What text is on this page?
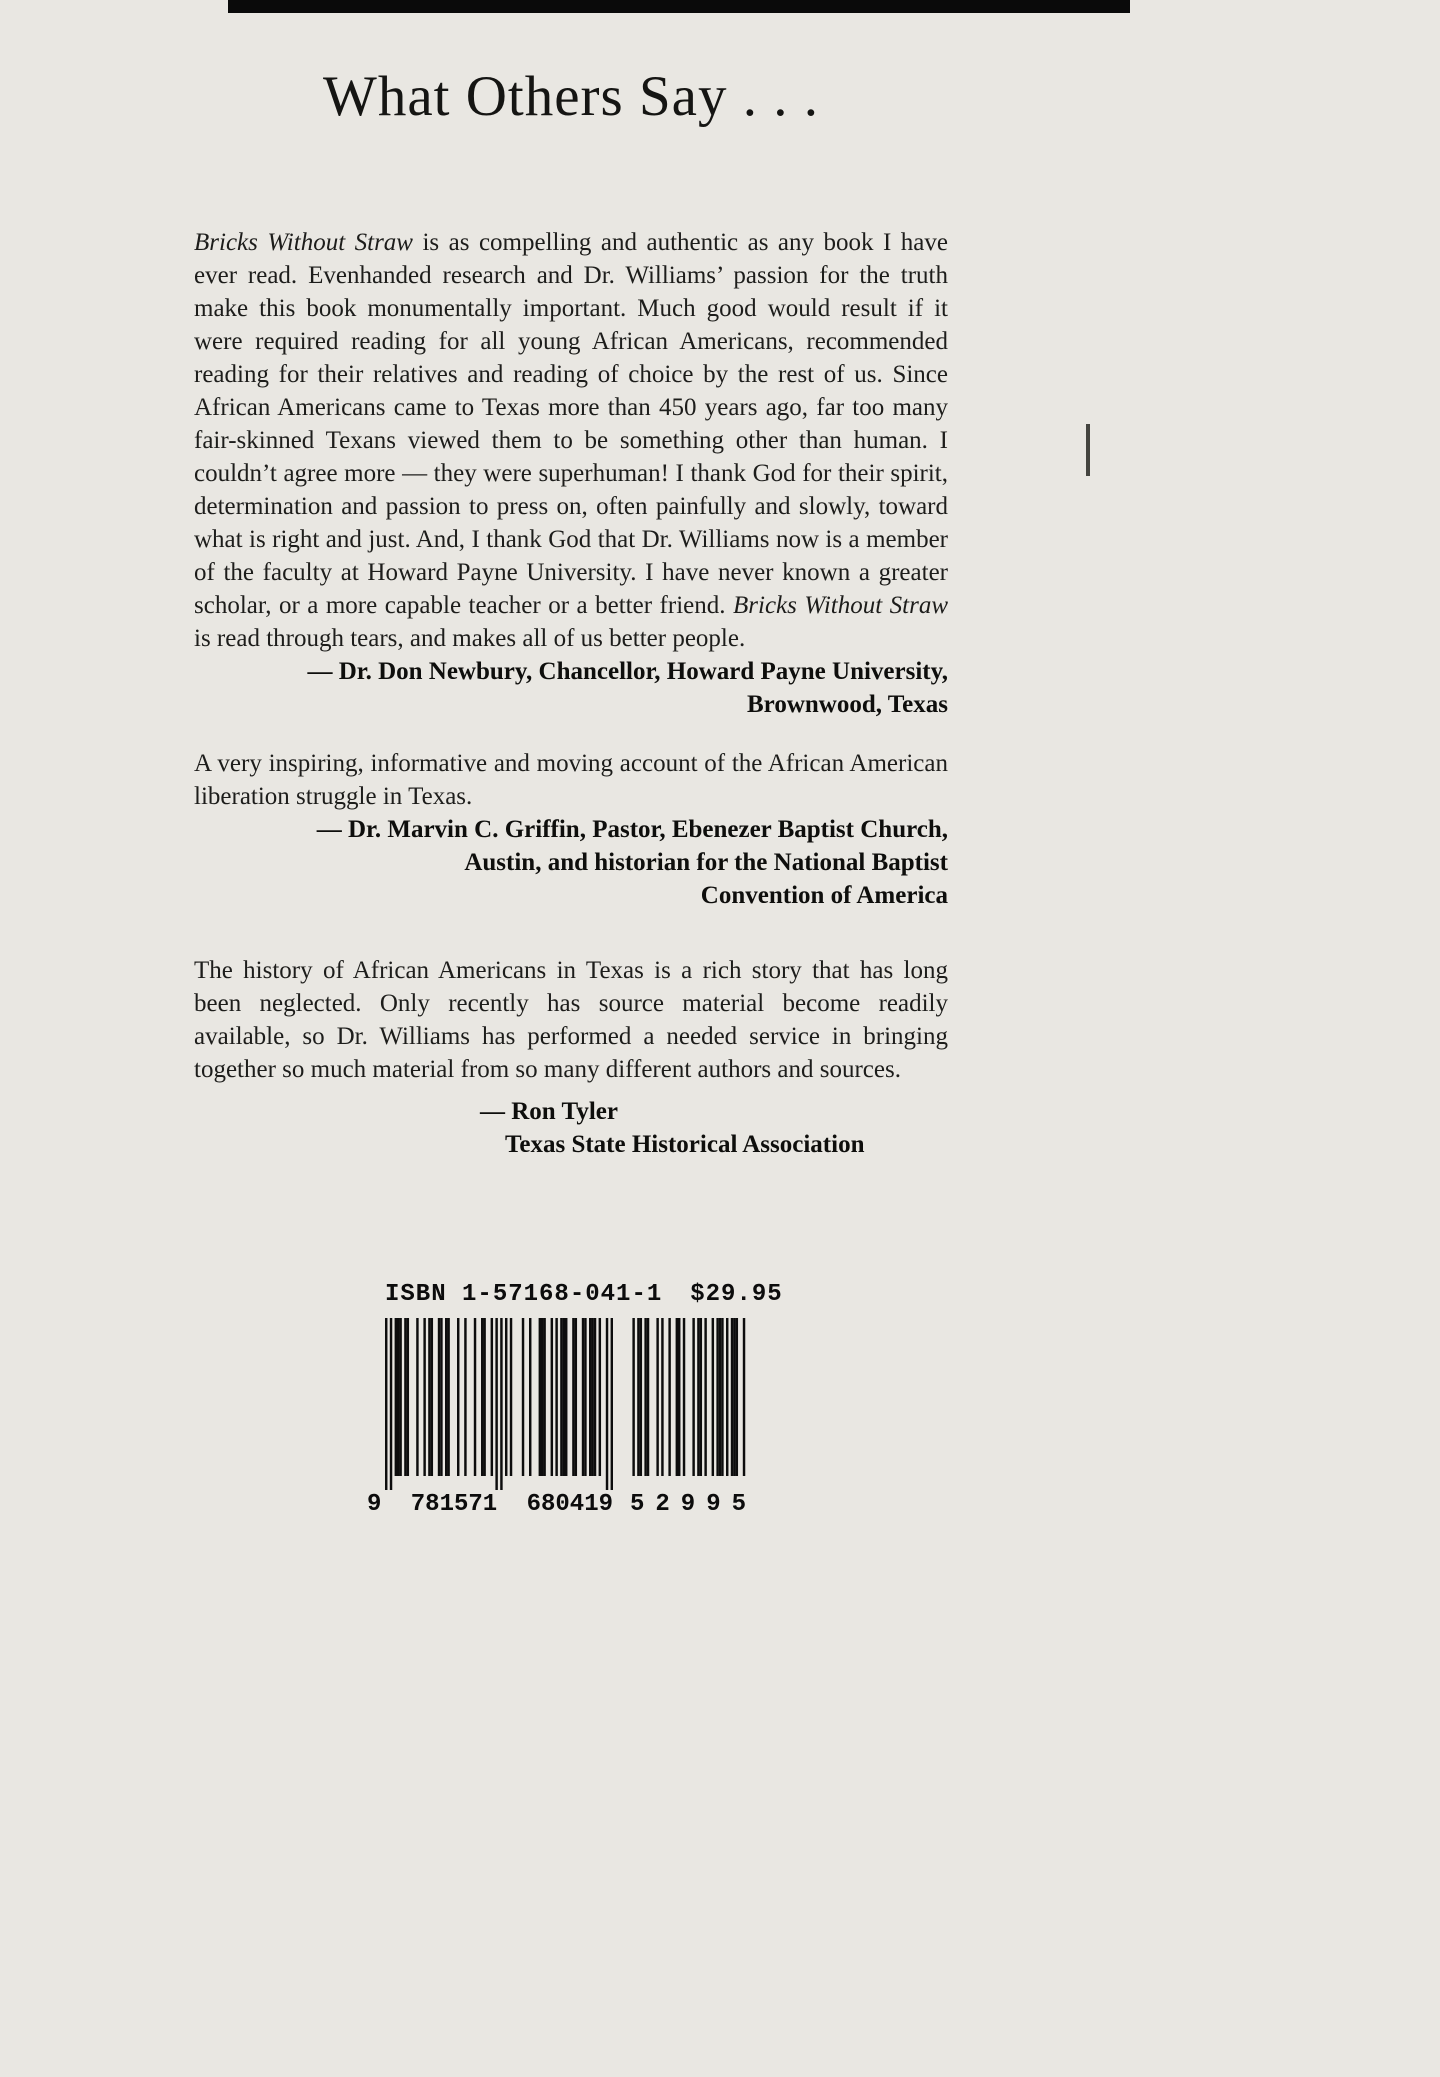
What Others Say . . .

Bricks Without Straw is as compelling and authentic as any book I have ever read. Evenhanded research and Dr. Williams’ passion for the truth make this book monumentally important. Much good would result if it were required reading for all young African Americans, recommended reading for their relatives and reading of choice by the rest of us. Since African Americans came to Texas more than 450 years ago, far too many fair-skinned Texans viewed them to be something other than human. I couldn’t agree more — they were superhuman! I thank God for their spirit, determination and passion to press on, often painfully and slowly, toward what is right and just. And, I thank God that Dr. Williams now is a member of the faculty at Howard Payne University. I have never known a greater scholar, or a more capable teacher or a better friend. Bricks Without Straw is read through tears, and makes all of us better people.

— Dr. Don Newbury, Chancellor, Howard Payne University,
Brownwood, Texas

A very inspiring, informative and moving account of the African American liberation struggle in Texas.

— Dr. Marvin C. Griffin, Pastor, Ebenezer Baptist Church,
Austin, and historian for the National Baptist
Convention of America

The history of African Americans in Texas is a rich story that has long been neglected. Only recently has source material become readily available, so Dr. Williams has performed a needed service in bringing together so much material from so many different authors and sources.

— Ron Tyler
Texas State Historical Association
ISBN 1-57168-041-1 $29.95
9 781571 680419 52995
